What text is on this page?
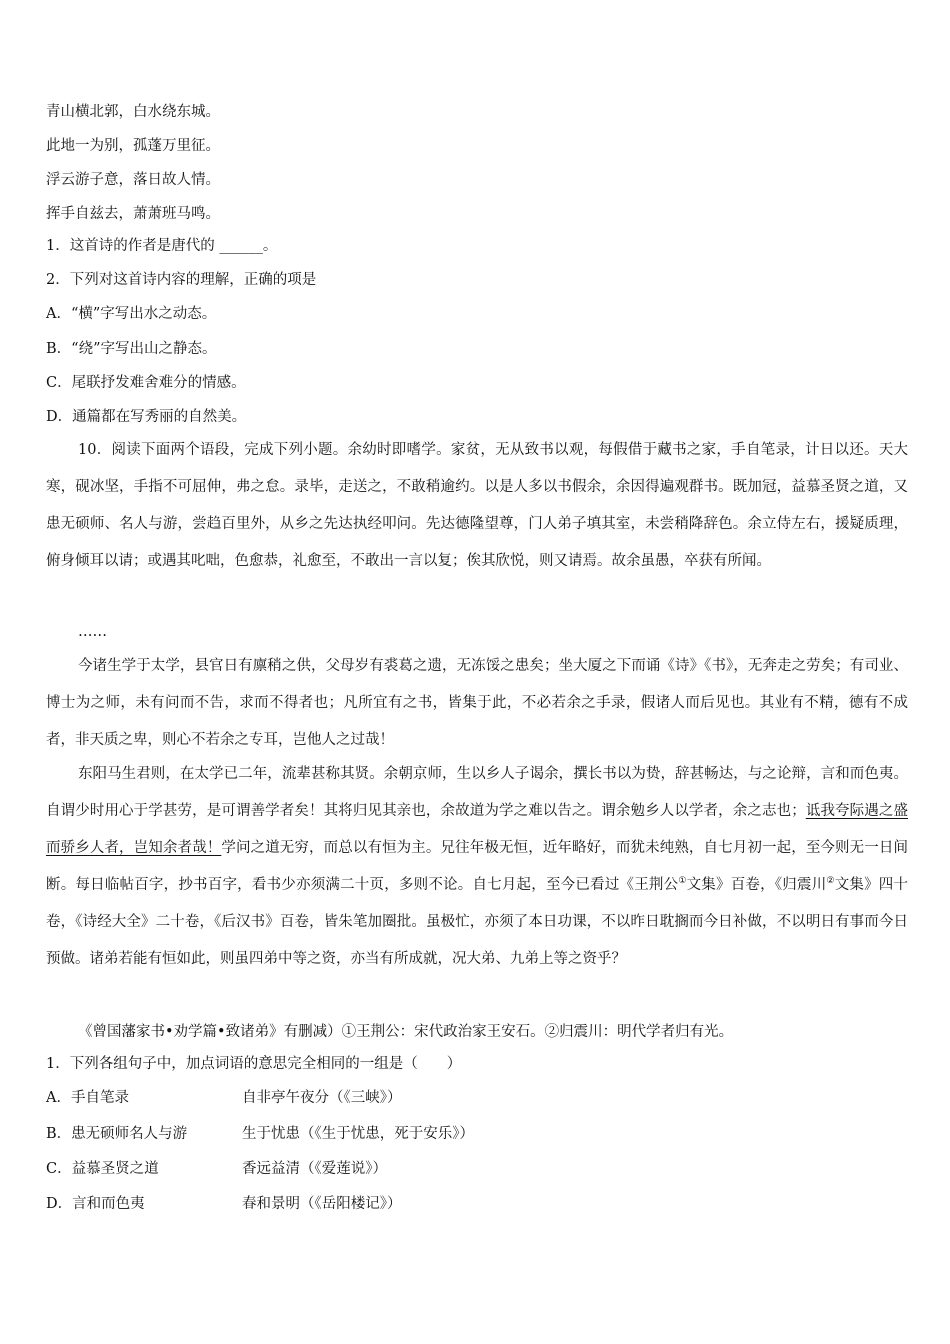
青山横北郭，白水绕东城。
此地一为别，孤蓬万里征。
浮云游子意，落日故人情。
挥手自兹去，萧萧班马鸣。
1．这首诗的作者是唐代的 ______。
2．下列对这首诗内容的理解，正确的项是
A．“横”字写出水之动态。
B．“绕”字写出山之静态。
C．尾联抒发难舍难分的情感。
D．通篇都在写秀丽的自然美。
10．阅读下面两个语段，完成下列小题。余幼时即嗜学。家贫，无从致书以观，每假借于藏书之家，手自笔录，计日以还。天大寒，砚冰坚，手指不可屈伸，弗之怠。录毕，走送之，不敢稍逾约。以是人多以书假余，余因得遍观群书。既加冠，益慕圣贤之道，又患无硕师、名人与游，尝趋百里外，从乡之先达执经叩问。先达德隆望尊，门人弟子填其室，未尝稍降辞色。余立侍左右，援疑质理，俯身倾耳以请；或遇其叱咄，色愈恭，礼愈至，不敢出一言以复；俟其欣悦，则又请焉。故余虽愚，卒获有所闻。
……
今诸生学于太学，县官日有廪稍之供，父母岁有裘葛之遗，无冻馁之患矣；坐大厦之下而诵《诗》《书》，无奔走之劳矣；有司业、博士为之师，未有问而不告，求而不得者也；凡所宜有之书，皆集于此，不必若余之手录，假诸人而后见也。其业有不精，德有不成者，非天质之卑，则心不若余之专耳，岂他人之过哉！
东阳马生君则，在太学已二年，流辈甚称其贤。余朝京师，生以乡人子谒余，撰长书以为贽，辞甚畅达，与之论辩，言和而色夷。自谓少时用心于学甚劳，是可谓善学者矣！其将归见其亲也，余故道为学之难以告之。谓余勉乡人以学者，余之志也；诋我夸际遇之盛而骄乡人者，岂知余者哉！学问之道无穷，而总以有恒为主。兄往年极无恒，近年略好，而犹未纯熟，自七月初一起，至今则无一日间断。每日临帖百字，抄书百字，看书少亦须满二十页，多则不论。自七月起，至今已看过《王荆公①文集》百卷，《归震川②文集》四十卷，《诗经大全》二十卷，《后汉书》百卷，皆朱笔加圈批。虽极忙，亦须了本日功课，不以昨日耽搁而今日补做，不以明日有事而今日预做。诸弟若能有恒如此，则虽四弟中等之资，亦当有所成就，况大弟、九弟上等之资乎？
《曾国藩家书•劝学篇•致诸弟》有删减）①王荆公：宋代政治家王安石。②归震川：明代学者归有光。
1．下列各组句子中，加点词语的意思完全相同的一组是（　　）
A．手自笔录	自非亭午夜分（《三峡》）
B．患无硕师名人与游	生于忧患（《生于忧患，死于安乐》）
C．益慕圣贤之道	香远益清（《爱莲说》）
D．言和而色夷	春和景明（《岳阳楼记》）
